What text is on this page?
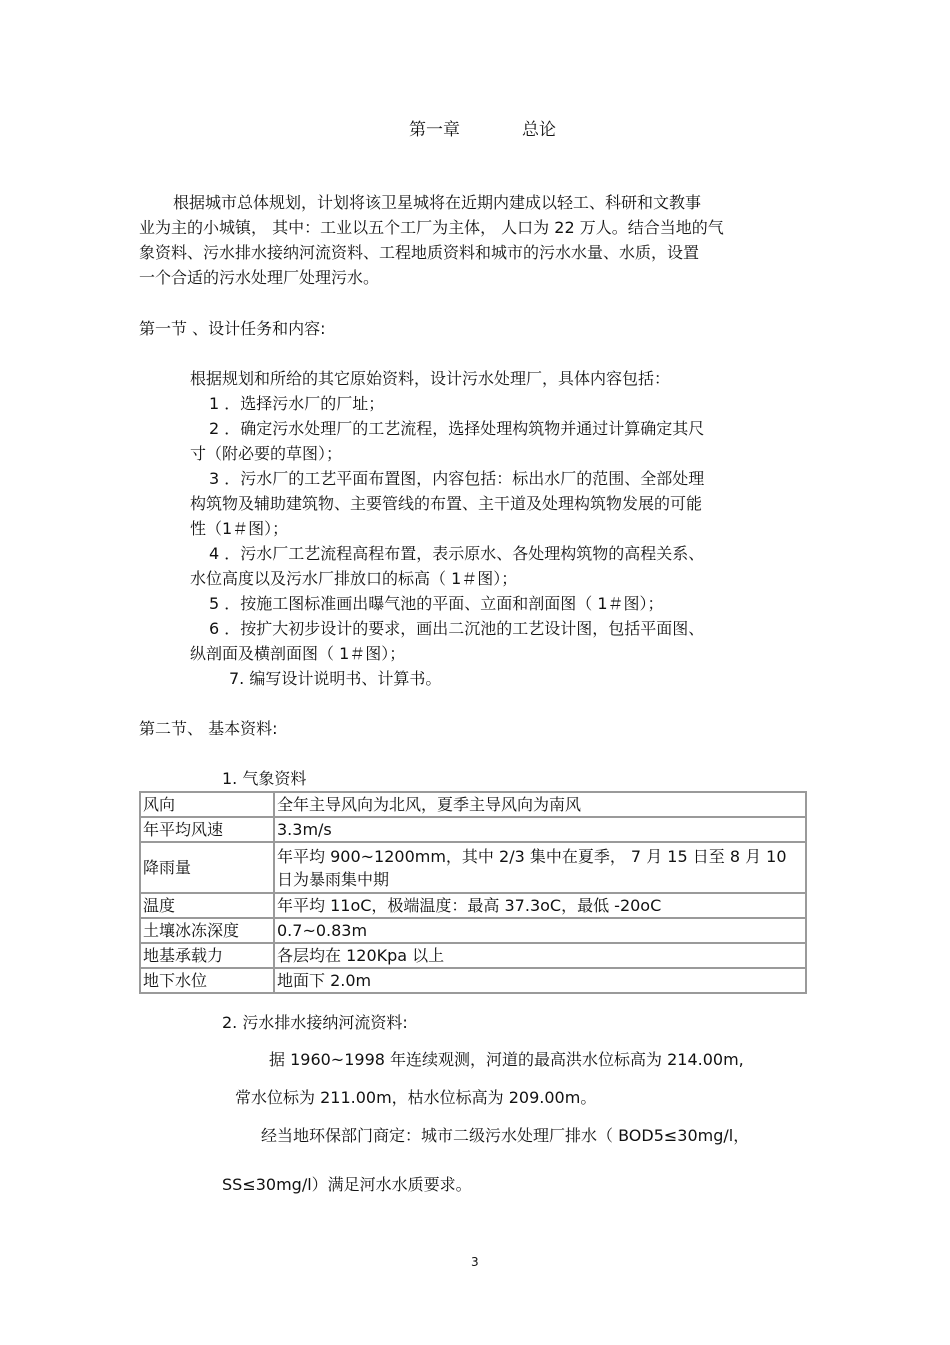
第一章	总论
根据城市总体规划，计划将该卫星城将在近期内建成以轻工、科研和文教事
业为主的小城镇， 其中：工业以五个工厂为主体， 人口为 22 万人。结合当地的气
象资料、污水排水接纳河流资料、工程地质资料和城市的污水水量、水质，设置
一个合适的污水处理厂处理污水。
第一节 、设计任务和内容:
根据规划和所给的其它原始资料，设计污水处理厂，具体内容包括：
1 ．选择污水厂的厂址；
2 ．确定污水处理厂的工艺流程，选择处理构筑物并通过计算确定其尺
寸（附必要的草图）；
3 ．污水厂的工艺平面布置图，内容包括：标出水厂的范围、全部处理
构筑物及辅助建筑物、主要管线的布置、主干道及处理构筑物发展的可能
性（1＃图）；
4 ．污水厂工艺流程高程布置，表示原水、各处理构筑物的高程关系、
水位高度以及污水厂排放口的标高（ 1＃图）；
5 ．按施工图标准画出曝气池的平面、立面和剖面图（ 1＃图）；
6 ．按扩大初步设计的要求，画出二沉池的工艺设计图，包括平面图、
纵剖面及横剖面图（ 1＃图）；
7. 编写设计说明书、计算书。
第二节、 基本资料:
1. 气象资料
风向	全年主导风向为北风，夏季主导风向为南风
年平均风速	3.3m/s
降雨量	年平均 900~1200mm，其中 2/3 集中在夏季， 7 月 15 日至 8 月 10 日为暴雨集中期

温度	年平均 11oC，极端温度：最高 37.3oC，最低 -20oC
土壤冰冻深度	0.7~0.83m
地基承载力	各层均在 120Kpa 以上
地下水位	地面下 2.0m
2. 污水排水接纳河流资料:
据 1960~1998 年连续观测，河道的最高洪水位标高为 214.00m,
常水位标为 211.00m，枯水位标高为 209.00m。
经当地环保部门商定：城市二级污水处理厂排水（ BOD5≤30mg/l，
SS≤30mg/l）满足河水水质要求。
3
